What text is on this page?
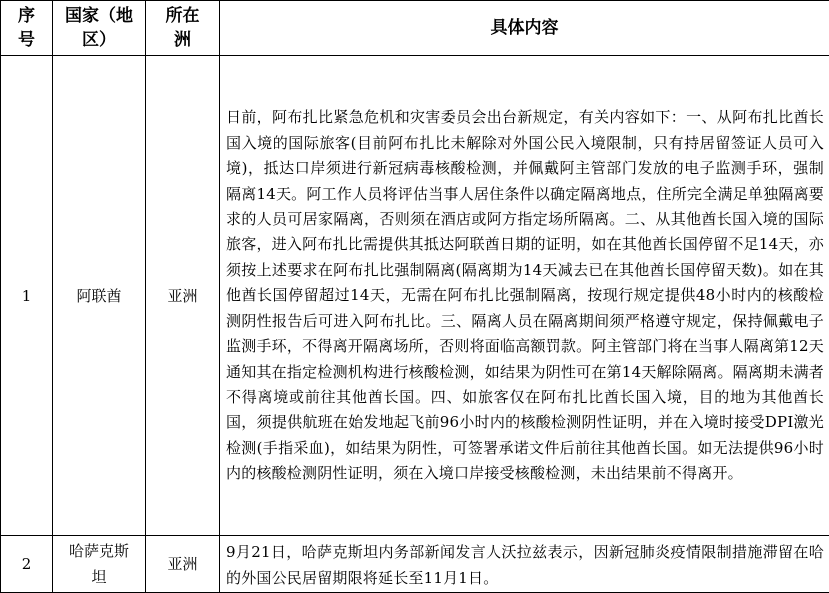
序号	国家（地区）	所在洲	具体内容
1	阿联酋	亚洲	日前，阿布扎比紧急危机和灾害委员会出台新规定，有关内容如下：一、从阿布扎比酋长国入境的国际旅客(目前阿布扎比未解除对外国公民入境限制，只有持居留签证人员可入境)，抵达口岸须进行新冠病毒核酸检测，并佩戴阿主管部门发放的电子监测手环，强制隔离14天。阿工作人员将评估当事人居住条件以确定隔离地点，住所完全满足单独隔离要求的人员可居家隔离，否则须在酒店或阿方指定场所隔离。二、从其他酋长国入境的国际旅客，进入阿布扎比需提供其抵达阿联酋日期的证明，如在其他酋长国停留不足14天，亦须按上述要求在阿布扎比强制隔离(隔离期为14天减去已在其他酋长国停留天数)。如在其他酋长国停留超过14天，无需在阿布扎比强制隔离，按现行规定提供48小时内的核酸检测阴性报告后可进入阿布扎比。三、隔离人员在隔离期间须严格遵守规定，保持佩戴电子监测手环，不得离开隔离场所，否则将面临高额罚款。阿主管部门将在当事人隔离第12天通知其在指定检测机构进行核酸检测，如结果为阴性可在第14天解除隔离。隔离期未满者不得离境或前往其他酋长国。四、如旅客仅在阿布扎比酋长国入境，目的地为其他酋长国，须提供航班在始发地起飞前96小时内的核酸检测阴性证明，并在入境时接受DPI激光检测(手指采血)，如结果为阴性，可签署承诺文件后前往其他酋长国。如无法提供96小时内的核酸检测阴性证明，须在入境口岸接受核酸检测，未出结果前不得离开。
2	哈萨克斯坦	亚洲	9月21日，哈萨克斯坦内务部新闻发言人沃拉兹表示，因新冠肺炎疫情限制措施滞留在哈的外国公民居留期限将延长至11月1日。
